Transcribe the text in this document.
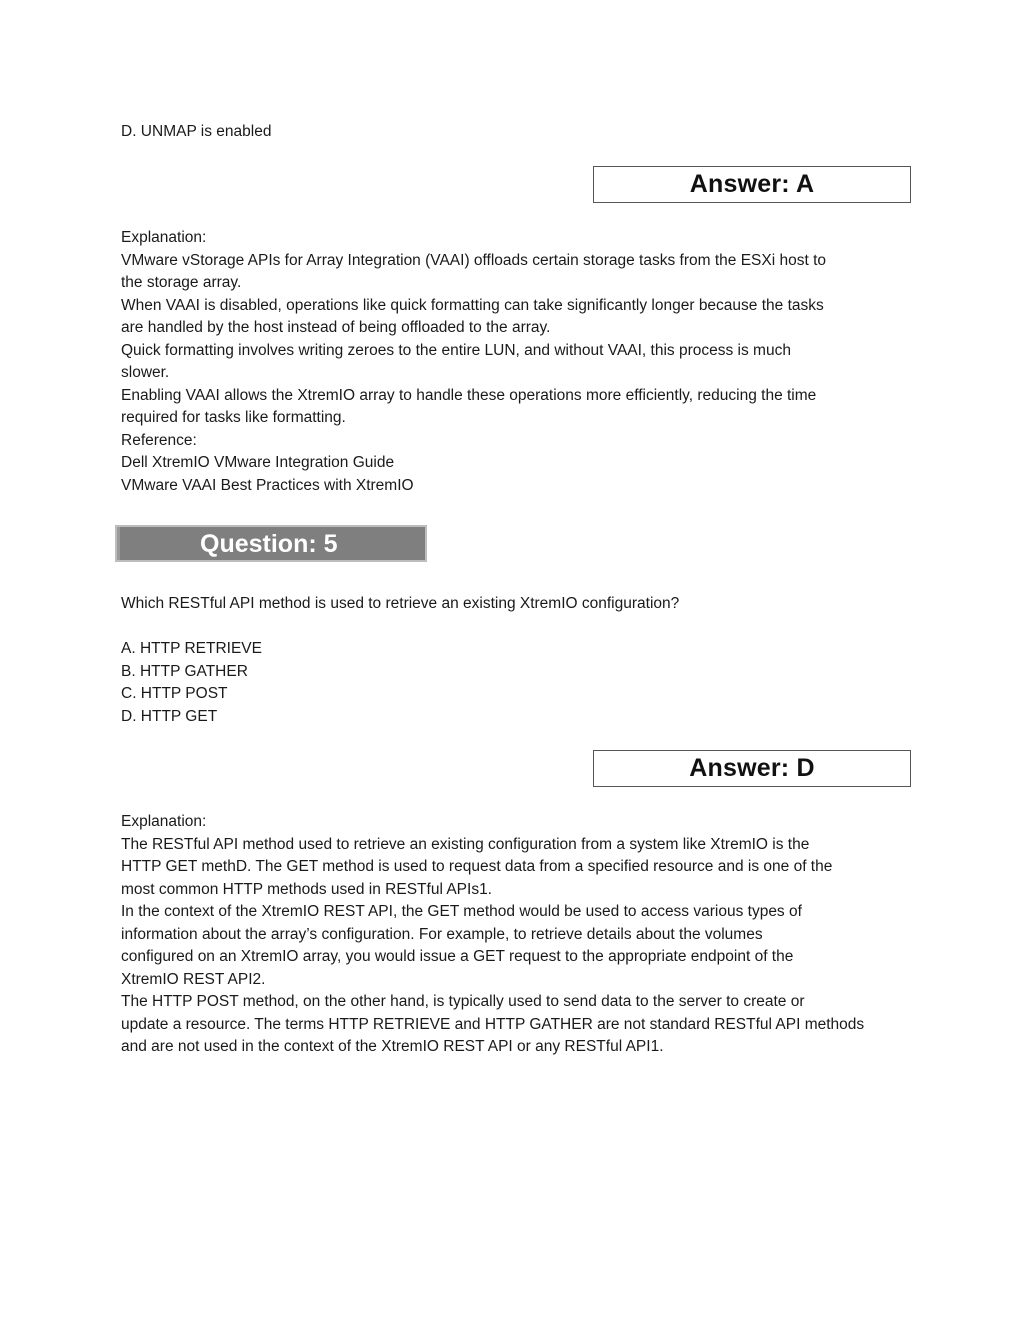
D. UNMAP is enabled
Answer: A
Explanation:
VMware vStorage APIs for Array Integration (VAAI) offloads certain storage tasks from the ESXi host to
the storage array.
When VAAI is disabled, operations like quick formatting can take significantly longer because the tasks
are handled by the host instead of being offloaded to the array.
Quick formatting involves writing zeroes to the entire LUN, and without VAAI, this process is much
slower.
Enabling VAAI allows the XtremIO array to handle these operations more efficiently, reducing the time
required for tasks like formatting.
Reference:
Dell XtremIO VMware Integration Guide
VMware VAAI Best Practices with XtremIO
Question: 5
Which RESTful API method is used to retrieve an existing XtremIO configuration?
A. HTTP RETRIEVE
B. HTTP GATHER
C. HTTP POST
D. HTTP GET
Answer: D
Explanation:
The RESTful API method used to retrieve an existing configuration from a system like XtremIO is the
HTTP GET methD. The GET method is used to request data from a specified resource and is one of the
most common HTTP methods used in RESTful APIs1.
In the context of the XtremIO REST API, the GET method would be used to access various types of
information about the array’s configuration. For example, to retrieve details about the volumes
configured on an XtremIO array, you would issue a GET request to the appropriate endpoint of the
XtremIO REST API2.
The HTTP POST method, on the other hand, is typically used to send data to the server to create or
update a resource. The terms HTTP RETRIEVE and HTTP GATHER are not standard RESTful API methods
and are not used in the context of the XtremIO REST API or any RESTful API1.
